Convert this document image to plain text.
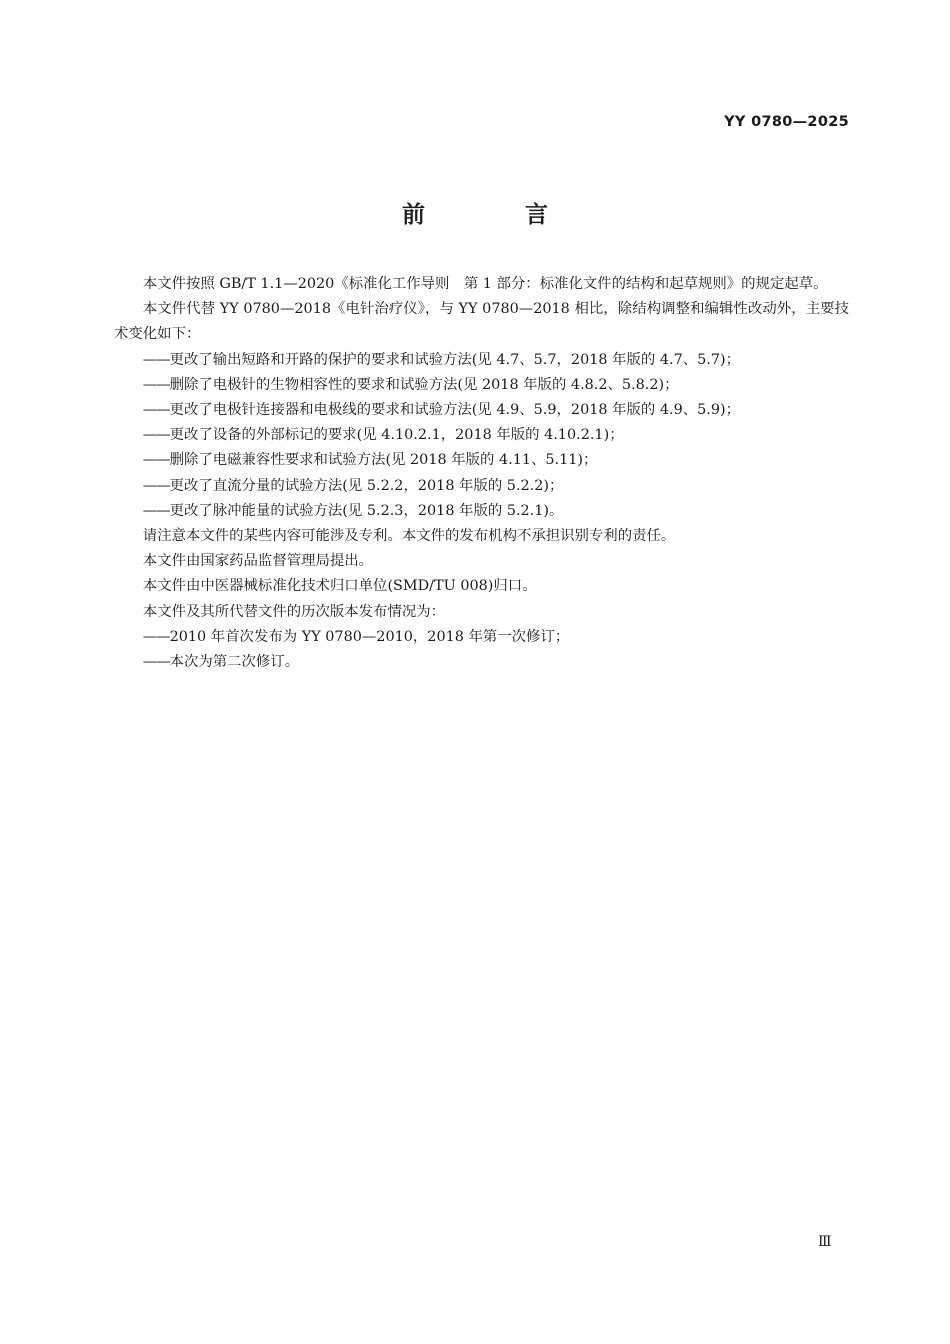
YY 0780—2025
前 言

本文件按照 GB/T 1.1—2020《标准化工作导则　第 1 部分：标准化文件的结构和起草规则》的规定起草。

本文件代替 YY 0780—2018《电针治疗仪》，与 YY 0780—2018 相比，除结构调整和编辑性改动外，主要技术变化如下：

——更改了输出短路和开路的保护的要求和试验方法(见 4.7、5.7，2018 年版的 4.7、5.7)；

——删除了电极针的生物相容性的要求和试验方法(见 2018 年版的 4.8.2、5.8.2)；

——更改了电极针连接器和电极线的要求和试验方法(见 4.9、5.9，2018 年版的 4.9、5.9)；

——更改了设备的外部标记的要求(见 4.10.2.1，2018 年版的 4.10.2.1)；

——删除了电磁兼容性要求和试验方法(见 2018 年版的 4.11、5.11)；

——更改了直流分量的试验方法(见 5.2.2，2018 年版的 5.2.2)；

——更改了脉冲能量的试验方法(见 5.2.3，2018 年版的 5.2.1)。

请注意本文件的某些内容可能涉及专利。本文件的发布机构不承担识别专利的责任。

本文件由国家药品监督管理局提出。

本文件由中医器械标准化技术归口单位(SMD/TU 008)归口。

本文件及其所代替文件的历次版本发布情况为：

——2010 年首次发布为 YY 0780—2010，2018 年第一次修订；

——本次为第二次修订。

Ⅲ
